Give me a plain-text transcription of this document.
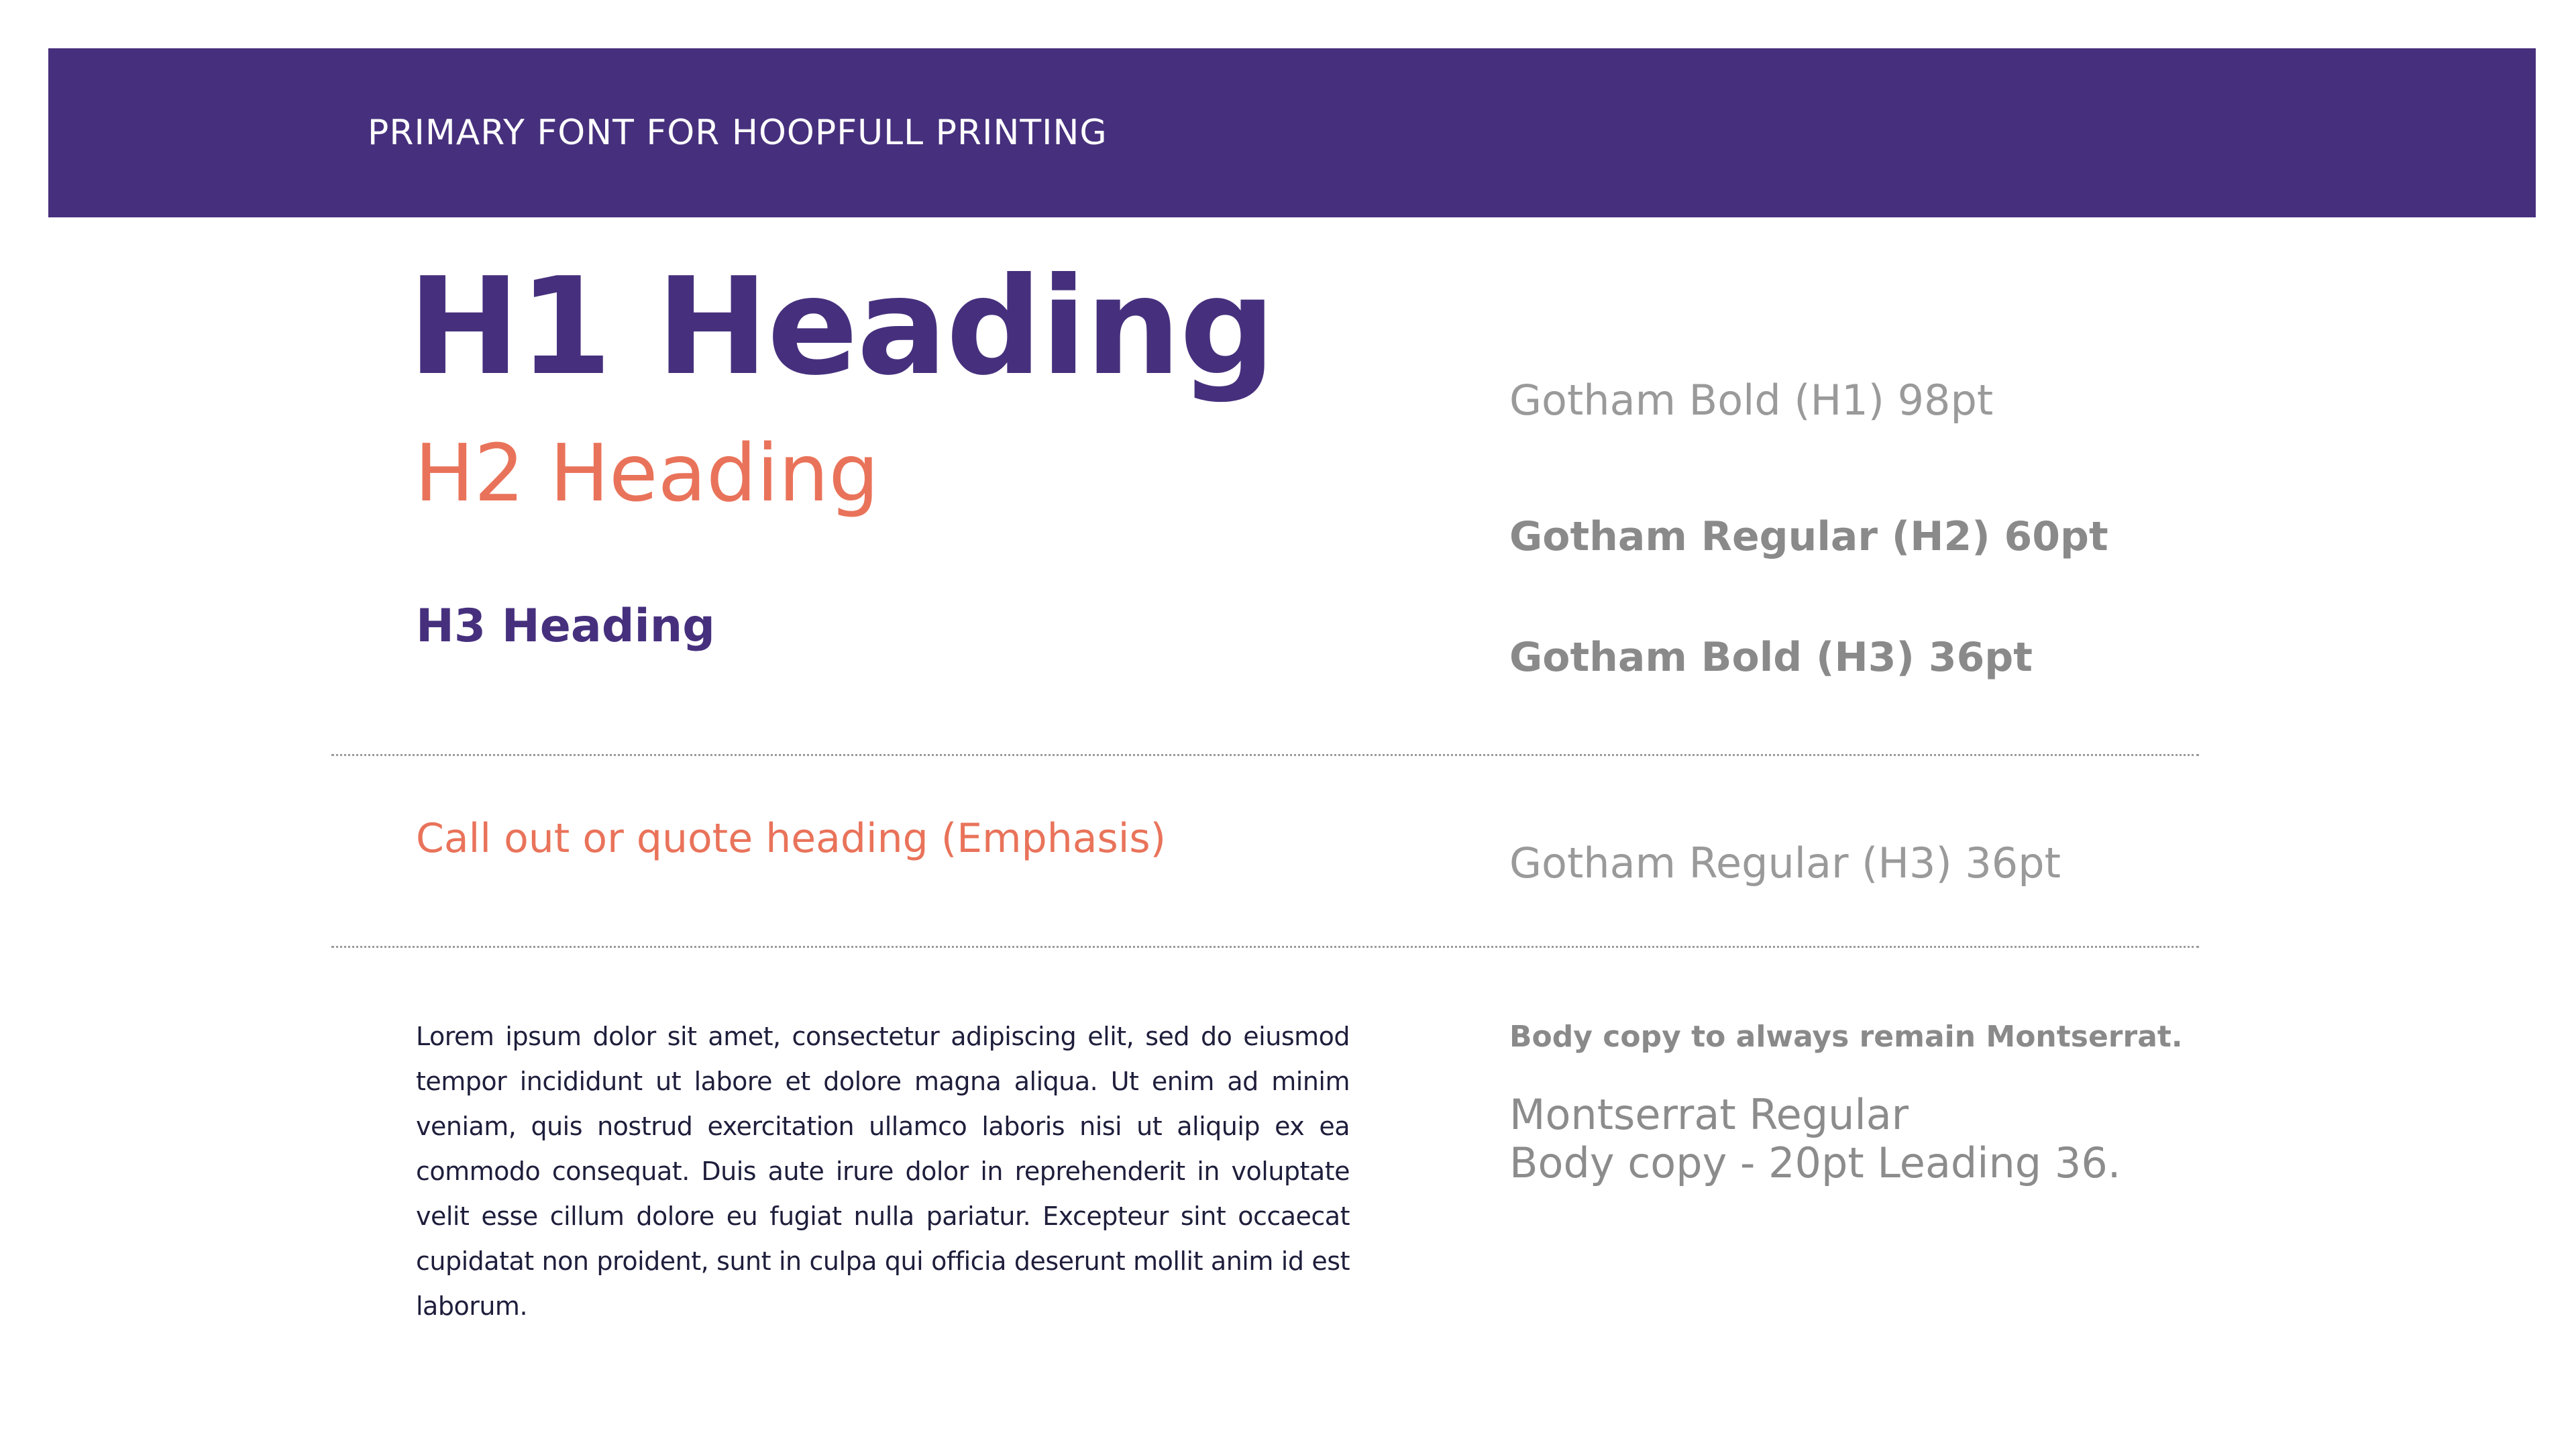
PRIMARY FONT FOR HOOPFULL PRINTING
H1 Heading
H2 Heading
H3 Heading
Gotham Bold (H1) 98pt
Gotham Regular (H2) 60pt
Gotham Bold (H3) 36pt
Call out or quote heading (Emphasis)	Gotham Regular (H3) 36pt
Lorem ipsum dolor sit amet, consectetur adipiscing elit, sed do eiusmod tempor incididunt ut labore et dolore magna aliqua. Ut enim ad minim veniam, quis nostrud exercitation ullamco laboris nisi ut aliquip ex ea commodo consequat. Duis aute irure dolor in reprehenderit in voluptate velit esse cillum dolore eu fugiat nulla pariatur. Excepteur sint occaecat cupidatat non proident, sunt in culpa qui officia deserunt mollit anim id est laborum.
Body copy to always remain Montserrat.
Montserrat Regular
Body copy - 20pt Leading 36.
